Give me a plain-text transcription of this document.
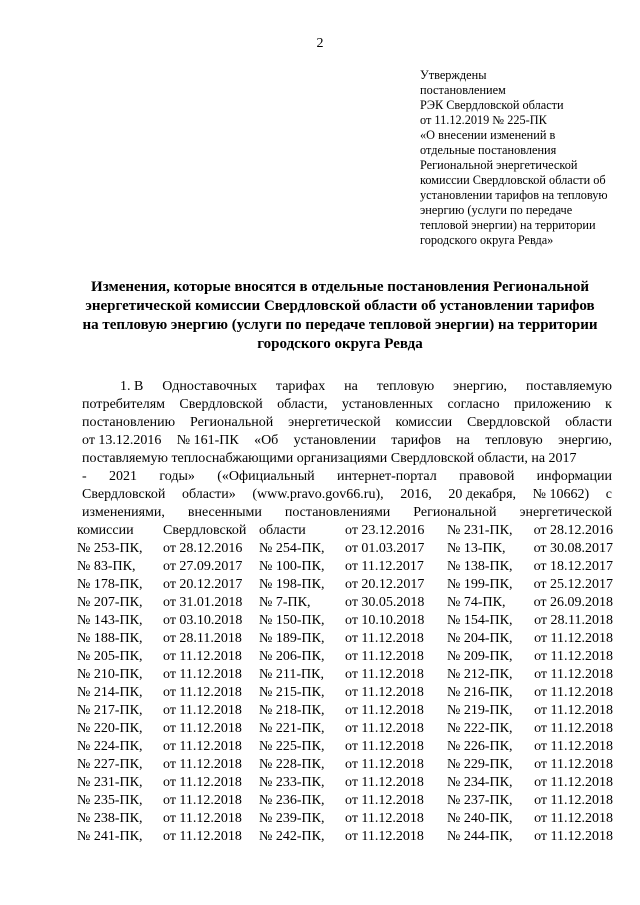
2
Утверждены
постановлением
РЭК Свердловской области
от 11.12.2019 № 225-ПК
«О внесении изменений в
отдельные постановления
Региональной энергетической
комиссии Свердловской области об
установлении тарифов на тепловую
энергию (услуги по передаче
тепловой энергии) на территории
городского округа Ревда»
Изменения, которые вносятся в отдельные постановления Региональной
энергетической комиссии Свердловской области об установлении тарифов
на тепловую энергию (услуги по передаче тепловой энергии) на территории
городского округа Ревда
1. В Одноставочных тарифах на тепловую энергию, поставляемую
потребителям Свердловской области, установленных согласно приложению к
постановлению Региональной энергетической комиссии Свердловской области
от 13.12.2016 № 161-ПК «Об установлении тарифов на тепловую энергию,
поставляемую теплоснабжающими организациями Свердловской области, на 2017
- 2021 годы» («Официальный интернет-портал правовой информации
Свердловской области» (www.pravo.gov66.ru), 2016, 20 декабря, № 10662) с
изменениями, внесенными постановлениями Региональной энергетической
комиссии Свердловской области	от 23.12.2016 № 231-ПК, от 28.12.2016
№ 253-ПК, от 28.12.2016 № 254-ПК, от 01.03.2017 № 13-ПК, от 30.08.2017
№ 83-ПК, от 27.09.2017 № 100-ПК, от 11.12.2017 № 138-ПК, от 18.12.2017
№ 178-ПК, от 20.12.2017 № 198-ПК, от 20.12.2017 № 199-ПК, от 25.12.2017
№ 207-ПК, от 31.01.2018 № 7-ПК, от 30.05.2018 № 74-ПК, от 26.09.2018
№ 143-ПК, от 03.10.2018 № 150-ПК, от 10.10.2018 № 154-ПК, от 28.11.2018
№ 188-ПК, от 28.11.2018 № 189-ПК, от 11.12.2018 № 204-ПК, от 11.12.2018
№ 205-ПК, от 11.12.2018 № 206-ПК, от 11.12.2018 № 209-ПК, от 11.12.2018
№ 210-ПК, от 11.12.2018 № 211-ПК, от 11.12.2018 № 212-ПК, от 11.12.2018
№ 214-ПК, от 11.12.2018 № 215-ПК, от 11.12.2018 № 216-ПК, от 11.12.2018
№ 217-ПК, от 11.12.2018 № 218-ПК, от 11.12.2018 № 219-ПК, от 11.12.2018
№ 220-ПК, от 11.12.2018 № 221-ПК, от 11.12.2018 № 222-ПК, от 11.12.2018
№ 224-ПК, от 11.12.2018 № 225-ПК, от 11.12.2018 № 226-ПК, от 11.12.2018
№ 227-ПК, от 11.12.2018 № 228-ПК, от 11.12.2018 № 229-ПК, от 11.12.2018
№ 231-ПК, от 11.12.2018 № 233-ПК, от 11.12.2018 № 234-ПК, от 11.12.2018
№ 235-ПК, от 11.12.2018 № 236-ПК, от 11.12.2018 № 237-ПК, от 11.12.2018
№ 238-ПК, от 11.12.2018 № 239-ПК, от 11.12.2018 № 240-ПК, от 11.12.2018
№ 241-ПК, от 11.12.2018 № 242-ПК, от 11.12.2018 № 244-ПК, от 11.12.2018
